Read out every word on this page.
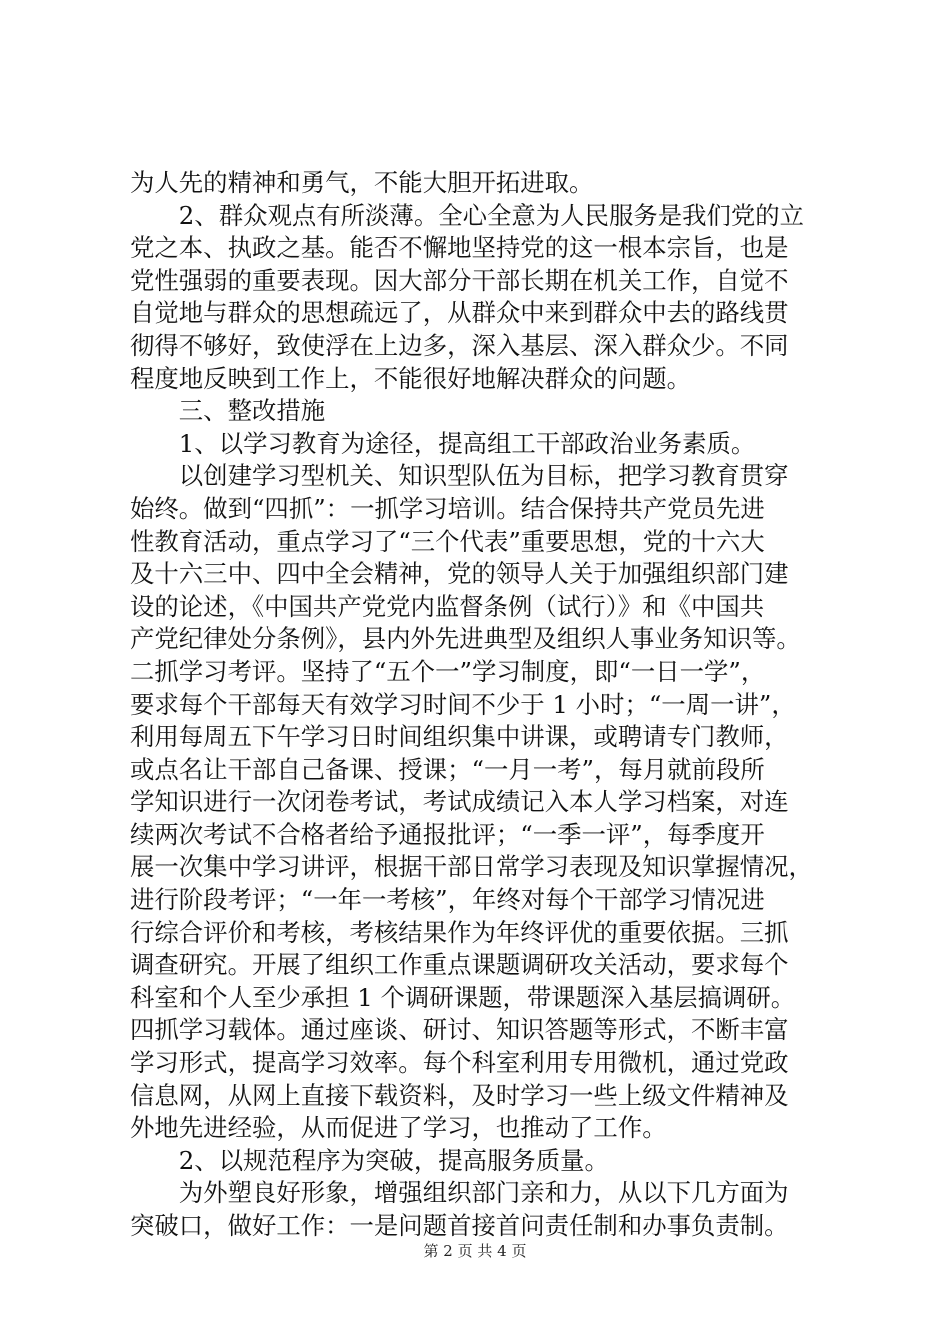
为人先的精神和勇气，不能大胆开拓进取。
　　2、群众观点有所淡薄。全心全意为人民服务是我们党的立
党之本、执政之基。能否不懈地坚持党的这一根本宗旨，也是
党性强弱的重要表现。因大部分干部长期在机关工作，自觉不
自觉地与群众的思想疏远了，从群众中来到群众中去的路线贯
彻得不够好，致使浮在上边多，深入基层、深入群众少。不同
程度地反映到工作上，不能很好地解决群众的问题。
　　三、整改措施
　　1、以学习教育为途径，提高组工干部政治业务素质。
　　以创建学习型机关、知识型队伍为目标，把学习教育贯穿
始终。做到“四抓”：一抓学习培训。结合保持共产党员先进
性教育活动，重点学习了“三个代表”重要思想，党的十六大
及十六三中、四中全会精神，党的领导人关于加强组织部门建
设的论述，《中国共产党党内监督条例（试行）》和《中国共
产党纪律处分条例》，县内外先进典型及组织人事业务知识等。
二抓学习考评。坚持了“五个一”学习制度，即“一日一学”，
要求每个干部每天有效学习时间不少于 1 小时；“一周一讲”，
利用每周五下午学习日时间组织集中讲课，或聘请专门教师，
或点名让干部自己备课、授课；“一月一考”，每月就前段所
学知识进行一次闭卷考试，考试成绩记入本人学习档案，对连
续两次考试不合格者给予通报批评；“一季一评”，每季度开
展一次集中学习讲评，根据干部日常学习表现及知识掌握情况，
进行阶段考评；“一年一考核”，年终对每个干部学习情况进
行综合评价和考核，考核结果作为年终评优的重要依据。三抓
调查研究。开展了组织工作重点课题调研攻关活动，要求每个
科室和个人至少承担 1 个调研课题，带课题深入基层搞调研。
四抓学习载体。通过座谈、研讨、知识答题等形式，不断丰富
学习形式，提高学习效率。每个科室利用专用微机，通过党政
信息网，从网上直接下载资料，及时学习一些上级文件精神及
外地先进经验，从而促进了学习，也推动了工作。
　　2、以规范程序为突破，提高服务质量。
　　为外塑良好形象，增强组织部门亲和力，从以下几方面为
突破口，做好工作：一是问题首接首问责任制和办事负责制。
第 2 页 共 4 页
